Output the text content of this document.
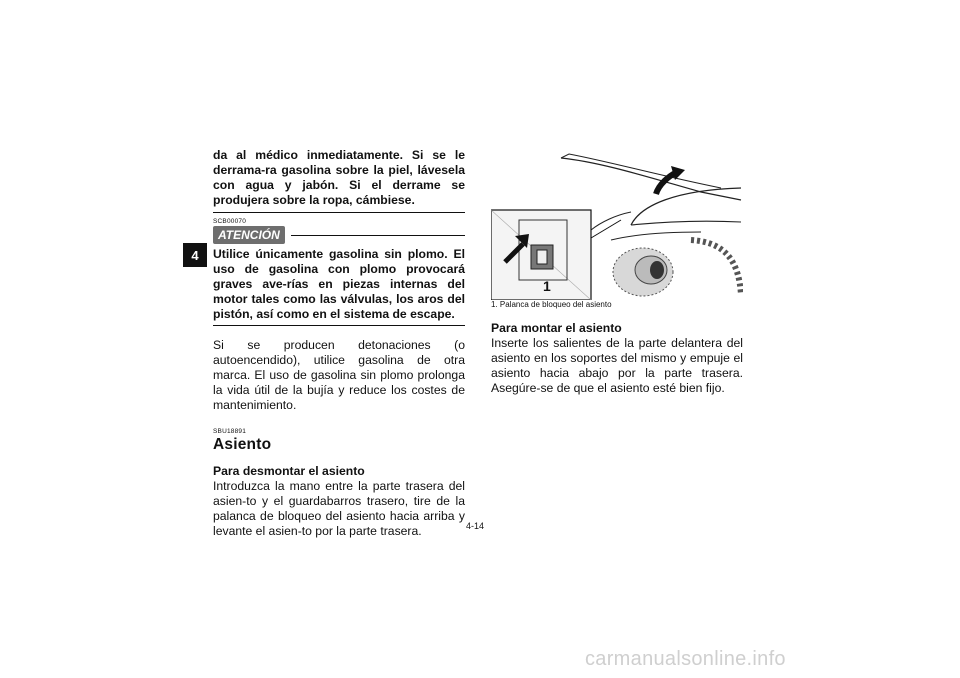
4

da al médico inmediatamente. Si se le derrama-ra gasolina sobre la piel, lávesela con agua y jabón. Si el derrame se produjera sobre la ropa, cámbiese.

SCB00070

ATENCIÓN

Utilice únicamente gasolina sin plomo. El uso de gasolina con plomo provocará graves ave-rías en piezas internas del motor tales como las válvulas, los aros del pistón, así como en el sistema de escape.

Si se producen detonaciones (o autoencendido), utilice gasolina de otra marca. El uso de gasolina sin plomo prolonga la vida útil de la bujía y reduce los costes de mantenimiento.

SBU18891

Asiento

Para desmontar el asiento

Introduzca la mano entre la parte trasera del asien-to y el guardabarros trasero, tire de la palanca de bloqueo del asiento hacia arriba y levante el asien-to por la parte trasera.

1

1. Palanca de bloqueo del asiento

Para montar el asiento

Inserte los salientes de la parte delantera del asiento en los soportes del mismo y empuje el asiento hacia abajo por la parte trasera. Asegúre-se de que el asiento esté bien fijo.

4-14
carmanualsonline.info
